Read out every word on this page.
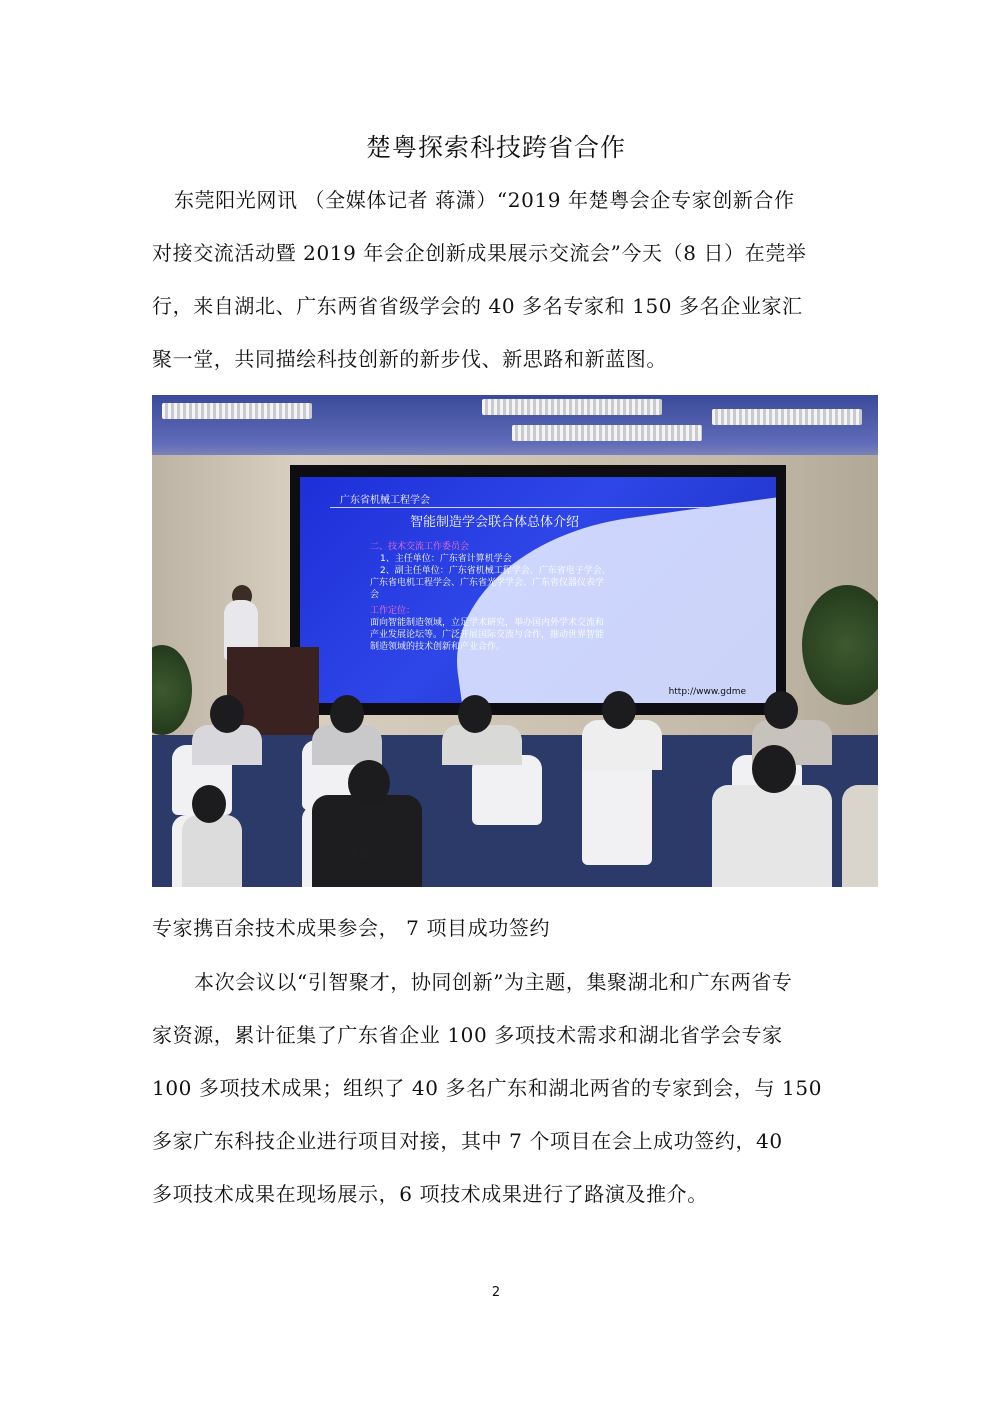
楚粤探索科技跨省合作
东莞阳光网讯 （全媒体记者 蒋潇）“2019 年楚粤会企专家创新合作
对接交流活动暨 2019 年会企创新成果展示交流会”今天（8 日）在莞举
行，来自湖北、广东两省省级学会的 40 多名专家和 150 多名企业家汇
聚一堂，共同描绘科技创新的新步伐、新思路和新蓝图。
广东省机械工程学会
智能制造学会联合体总体介绍
二、技术交流工作委员会
1、主任单位：广东省计算机学会
2、副主任单位：广东省机械工程学会、广东省电子学会、
广东省电机工程学会、广东省光学学会、广东省仪器仪表学
会
工作定位：
面向智能制造领域，立足学术研究，举办国内外学术交流和
产业发展论坛等。广泛开展国际交流与合作，推动世界智能
制造领域的技术创新和产业合作。
http://www.gdme
学会
专家携百余技术成果参会， 7 项目成功签约
本次会议以“引智聚才，协同创新”为主题，集聚湖北和广东两省专
家资源，累计征集了广东省企业 100 多项技术需求和湖北省学会专家
100 多项技术成果；组织了 40 多名广东和湖北两省的专家到会，与 150
多家广东科技企业进行项目对接，其中 7 个项目在会上成功签约，40
多项技术成果在现场展示，6 项技术成果进行了路演及推介。
2
